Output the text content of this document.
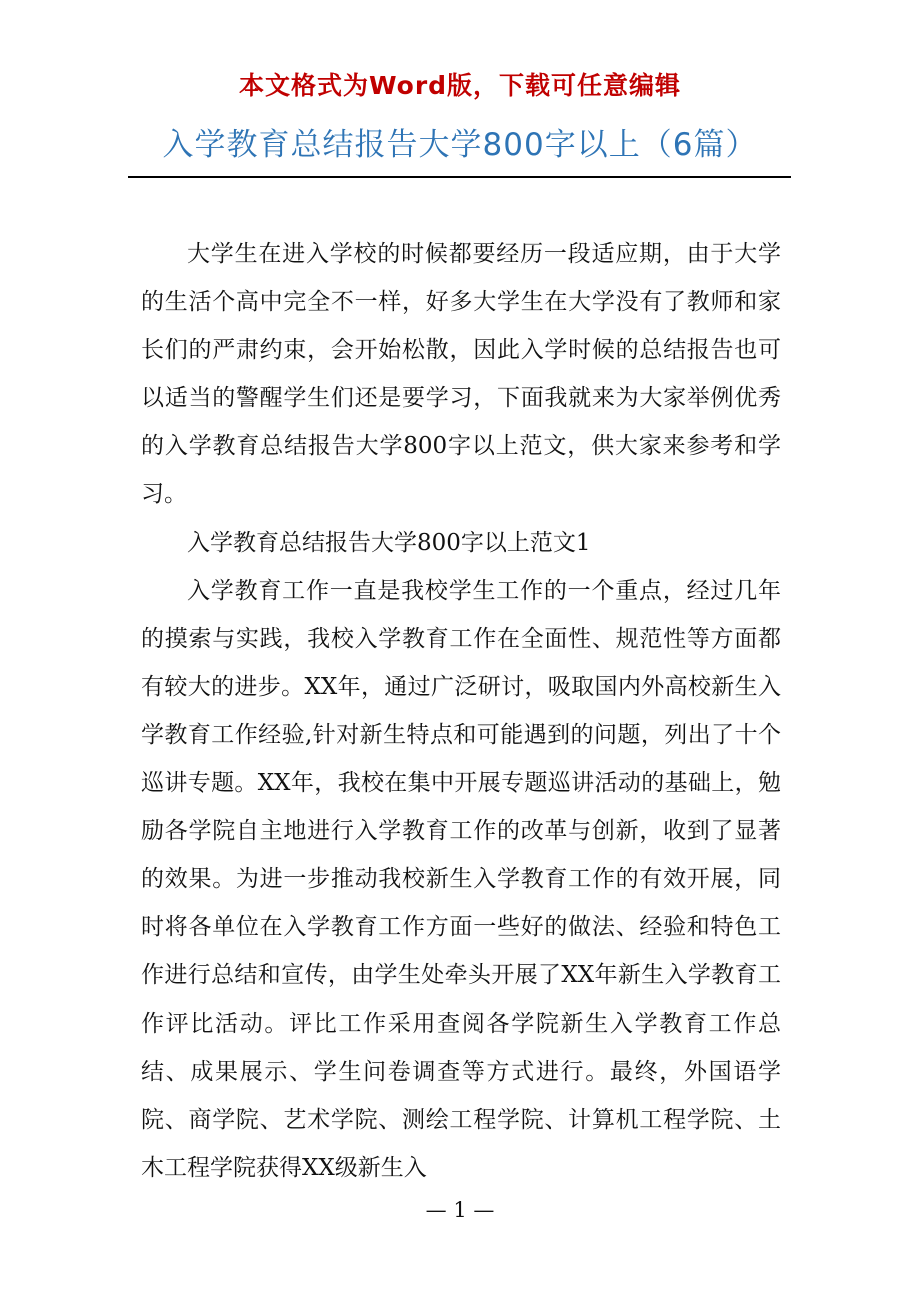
本文格式为Word版，下载可任意编辑
入学教育总结报告大学800字以上（6篇）

大学生在进入学校的时候都要经历一段适应期，由于大学的生活个高中完全不一样，好多大学生在大学没有了教师和家长们的严肃约束，会开始松散，因此入学时候的总结报告也可以适当的警醒学生们还是要学习，下面我就来为大家举例优秀的入学教育总结报告大学800字以上范文，供大家来参考和学习。

入学教育总结报告大学800字以上范文1

入学教育工作一直是我校学生工作的一个重点，经过几年的摸索与实践，我校入学教育工作在全面性、规范性等方面都有较大的进步。XX年，通过广泛研讨，吸取国内外高校新生入学教育工作经验,针对新生特点和可能遇到的问题，列出了十个巡讲专题。XX年，我校在集中开展专题巡讲活动的基础上，勉励各学院自主地进行入学教育工作的改革与创新，收到了显著的效果。为进一步推动我校新生入学教育工作的有效开展，同时将各单位在入学教育工作方面一些好的做法、经验和特色工作进行总结和宣传，由学生处牵头开展了XX年新生入学教育工作评比活动。评比工作采用查阅各学院新生入学教育工作总结、成果展示、学生问卷调查等方式进行。最终，外国语学院、商学院、艺术学院、测绘工程学院、计算机工程学院、土木工程学院获得XX级新生入

— 1 —
